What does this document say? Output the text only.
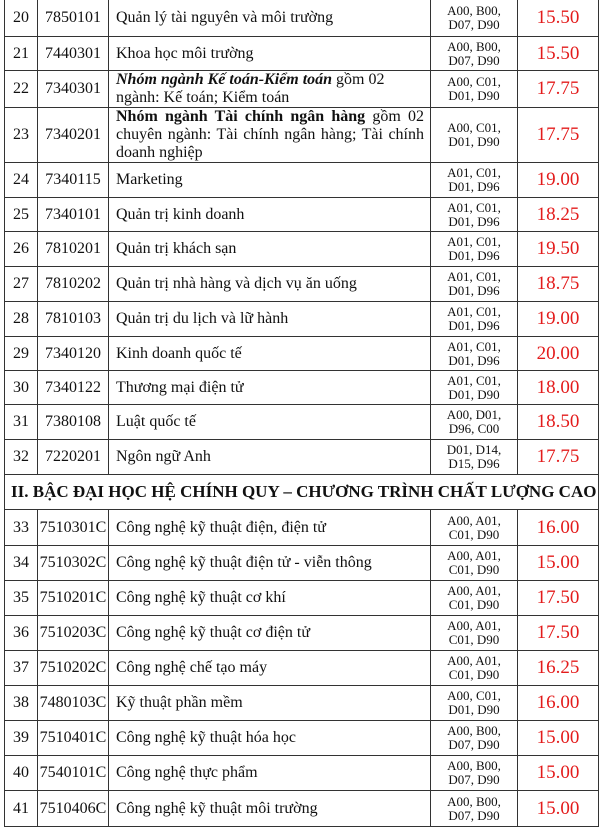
20	7850101	Quản lý tài nguyên và môi trường	A00, B00,
D07, D90	15.50
21	7440301	Khoa học môi trường	A00, B00,
D07, D90	15.50
22	7340301	Nhóm ngành Kế toán-Kiểm toán gồm 02 ngành: Kế toán; Kiểm toán	A00, C01,
D01, D90	17.75
23	7340201	Nhóm ngành Tài chính ngân hàng gồm 02 chuyên ngành: Tài chính ngân hàng; Tài chính doanh nghiệp	A00, C01,
D01, D90	17.75
24	7340115	Marketing	A01, C01,
D01, D96	19.00
25	7340101	Quản trị kinh doanh	A01, C01,
D01, D96	18.25
26	7810201	Quản trị khách sạn	A01, C01,
D01, D96	19.50
27	7810202	Quản trị nhà hàng và dịch vụ ăn uống	A01, C01,
D01, D96	18.75
28	7810103	Quản trị du lịch và lữ hành	A01, C01,
D01, D96	19.00
29	7340120	Kinh doanh quốc tế	A01, C01,
D01, D96	20.00
30	7340122	Thương mại điện tử	A01, C01,
D01, D90	18.00
31	7380108	Luật quốc tế	A00, D01,
D96, C00	18.50
32	7220201	Ngôn ngữ Anh	D01, D14,
D15, D96	17.75
II. BẬC ĐẠI HỌC HỆ CHÍNH QUY – CHƯƠNG TRÌNH CHẤT LƯỢNG CAO				
33	7510301C	Công nghệ kỹ thuật điện, điện tử	A00, A01,
C01, D90	16.00
34	7510302C	Công nghệ kỹ thuật điện tử - viễn thông	A00, A01,
C01, D90	15.00
35	7510201C	Công nghệ kỹ thuật cơ khí	A00, A01,
C01, D90	17.50
36	7510203C	Công nghệ kỹ thuật cơ điện tử	A00, A01,
C01, D90	17.50
37	7510202C	Công nghệ chế tạo máy	A00, A01,
C01, D90	16.25
38	7480103C	Kỹ thuật phần mềm	A00, C01,
D01, D90	16.00
39	7510401C	Công nghệ kỹ thuật hóa học	A00, B00,
D07, D90	15.00
40	7540101C	Công nghệ thực phẩm	A00, B00,
D07, D90	15.00
41	7510406C	Công nghệ kỹ thuật môi trường	A00, B00,
D07, D90	15.00
